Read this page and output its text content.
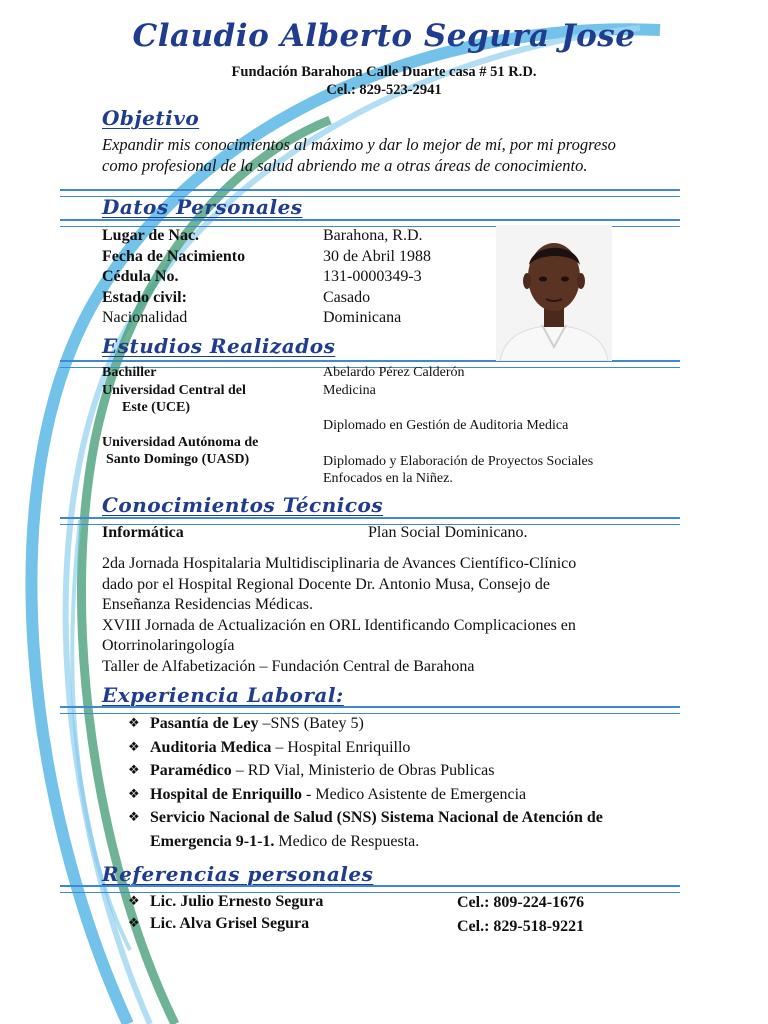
Claudio Alberto Segura Jose
Fundación Barahona Calle Duarte casa # 51 R.D.
Cel.: 829-523-2941
Objetivo
Expandir mis conocimientos al máximo y dar lo mejor de mí, por mi progreso
como profesional de la salud abriendo me a otras áreas de conocimiento.
Datos Personales
Lugar de Nac.
Fecha de Nacimiento
Cédula No.
Estado civil:
Nacionalidad
Barahona, R.D.
30 de Abril 1988
131-0000349-3
Casado
Dominicana
Estudios Realizados
Bachiller
Universidad Central del
Este (UCE)
Universidad Autónoma de
Santo Domingo (UASD)
Abelardo Pérez Calderón
Medicina
Diplomado en Gestión de Auditoria Medica
Diplomado y Elaboración de Proyectos Sociales
Enfocados en la Niñez.
Conocimientos Técnicos
Informática	Plan Social Dominicano.
2da Jornada Hospitalaria Multidisciplinaria de Avances Científico-Clínico
dado por el Hospital Regional Docente Dr. Antonio Musa, Consejo de
Enseñanza Residencias Médicas.
XVIII Jornada de Actualización en ORL Identificando Complicaciones en
Otorrinolaringología
Taller de Alfabetización – Fundación Central de Barahona
Experiencia Laboral:
❖ Pasantía de Ley –SNS (Batey 5)
❖ Auditoria Medica – Hospital Enriquillo
❖ Paramédico – RD Vial, Ministerio de Obras Publicas
❖ Hospital de Enriquillo - Medico Asistente de Emergencia
❖ Servicio Nacional de Salud (SNS) Sistema Nacional de Atención de Emergencia 9-1-1. Medico de Respuesta.
Referencias personales
❖ Lic. Julio Ernesto Segura
❖ Lic. Alva Grisel Segura
Cel.: 809-224-1676
Cel.: 829-518-9221
